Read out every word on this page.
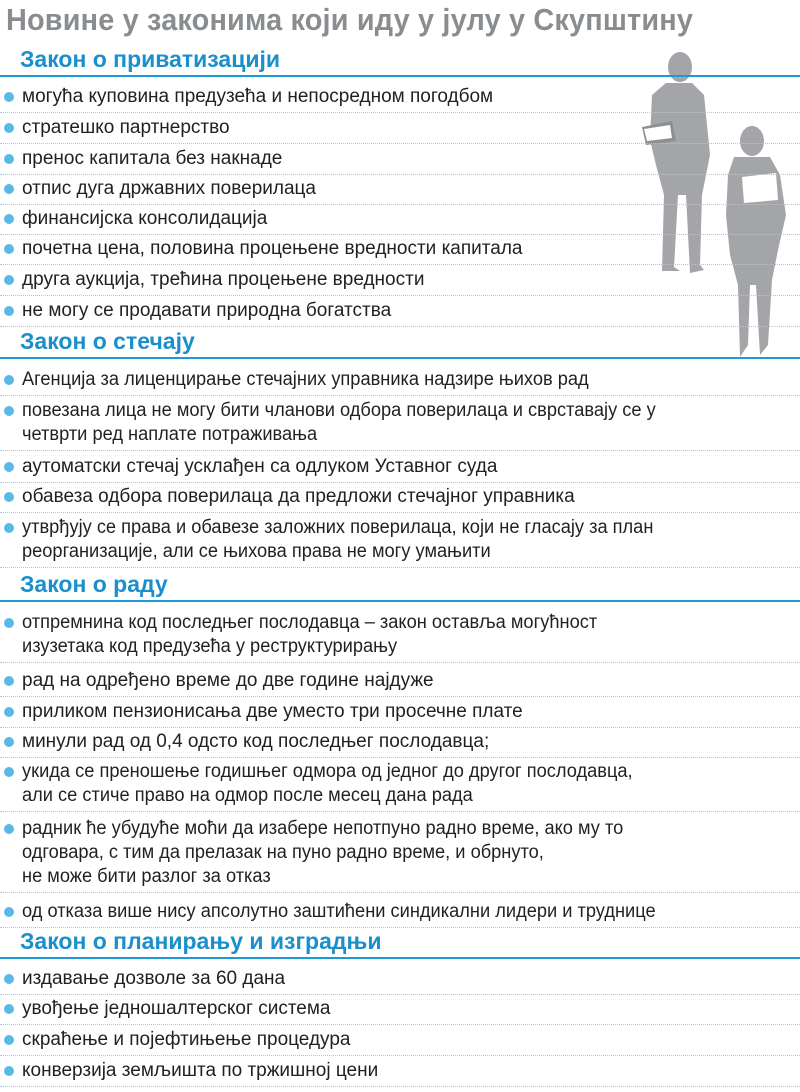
Новине у законима који иду у јулу у Скупштину
Закон о приватизацији
могућа куповина предузећа и непосредном погодбом
стратешко партнерство
пренос капитала без накнаде
отпис дуга државних поверилаца
финансијска консолидација
почетна цена, половина процењене вредности капитала
друга аукција, трећина процењене вредности
не могу се продавати природна богатства
Закон о стечају
Агенција за лиценцирање стечајних управника надзире њихов рад
повезана лица не могу бити чланови одбора поверилаца и сврставају се у
четврти ред наплате потраживања
аутоматски стечај усклађен са одлуком Уставног суда
обавеза одбора поверилаца да предложи стечајног управника
утврђују се права и обавезе заложних поверилаца, који не гласају за план
реорганизације, али се њихова права не могу умањити
Закон о раду
отпремнина код последњег послодавца – закон оставља могућност
изузетака код предузећа у реструктурирању
рад на одређено време до две године најдуже
приликом пензионисања две уместо три просечне плате
минули рад од 0,4 одсто код последњег послодавца;
укида се преношење годишњег одмора од једног до другог послодавца,
али се стиче право на одмор после месец дана рада
радник ће убудуће моћи да изабере непотпуно радно време, ако му то
одговара, с тим да прелазак на пуно радно време, и обрнуто,
не може бити разлог за отказ
од отказа више нису апсолутно заштићени синдикални лидери и труднице
Закон о планирању и изградњи
издавање дозволе за 60 дана
увођење једношалтерског система
скраћење и појефтињење процедура
конверзија земљишта по тржишној цени
